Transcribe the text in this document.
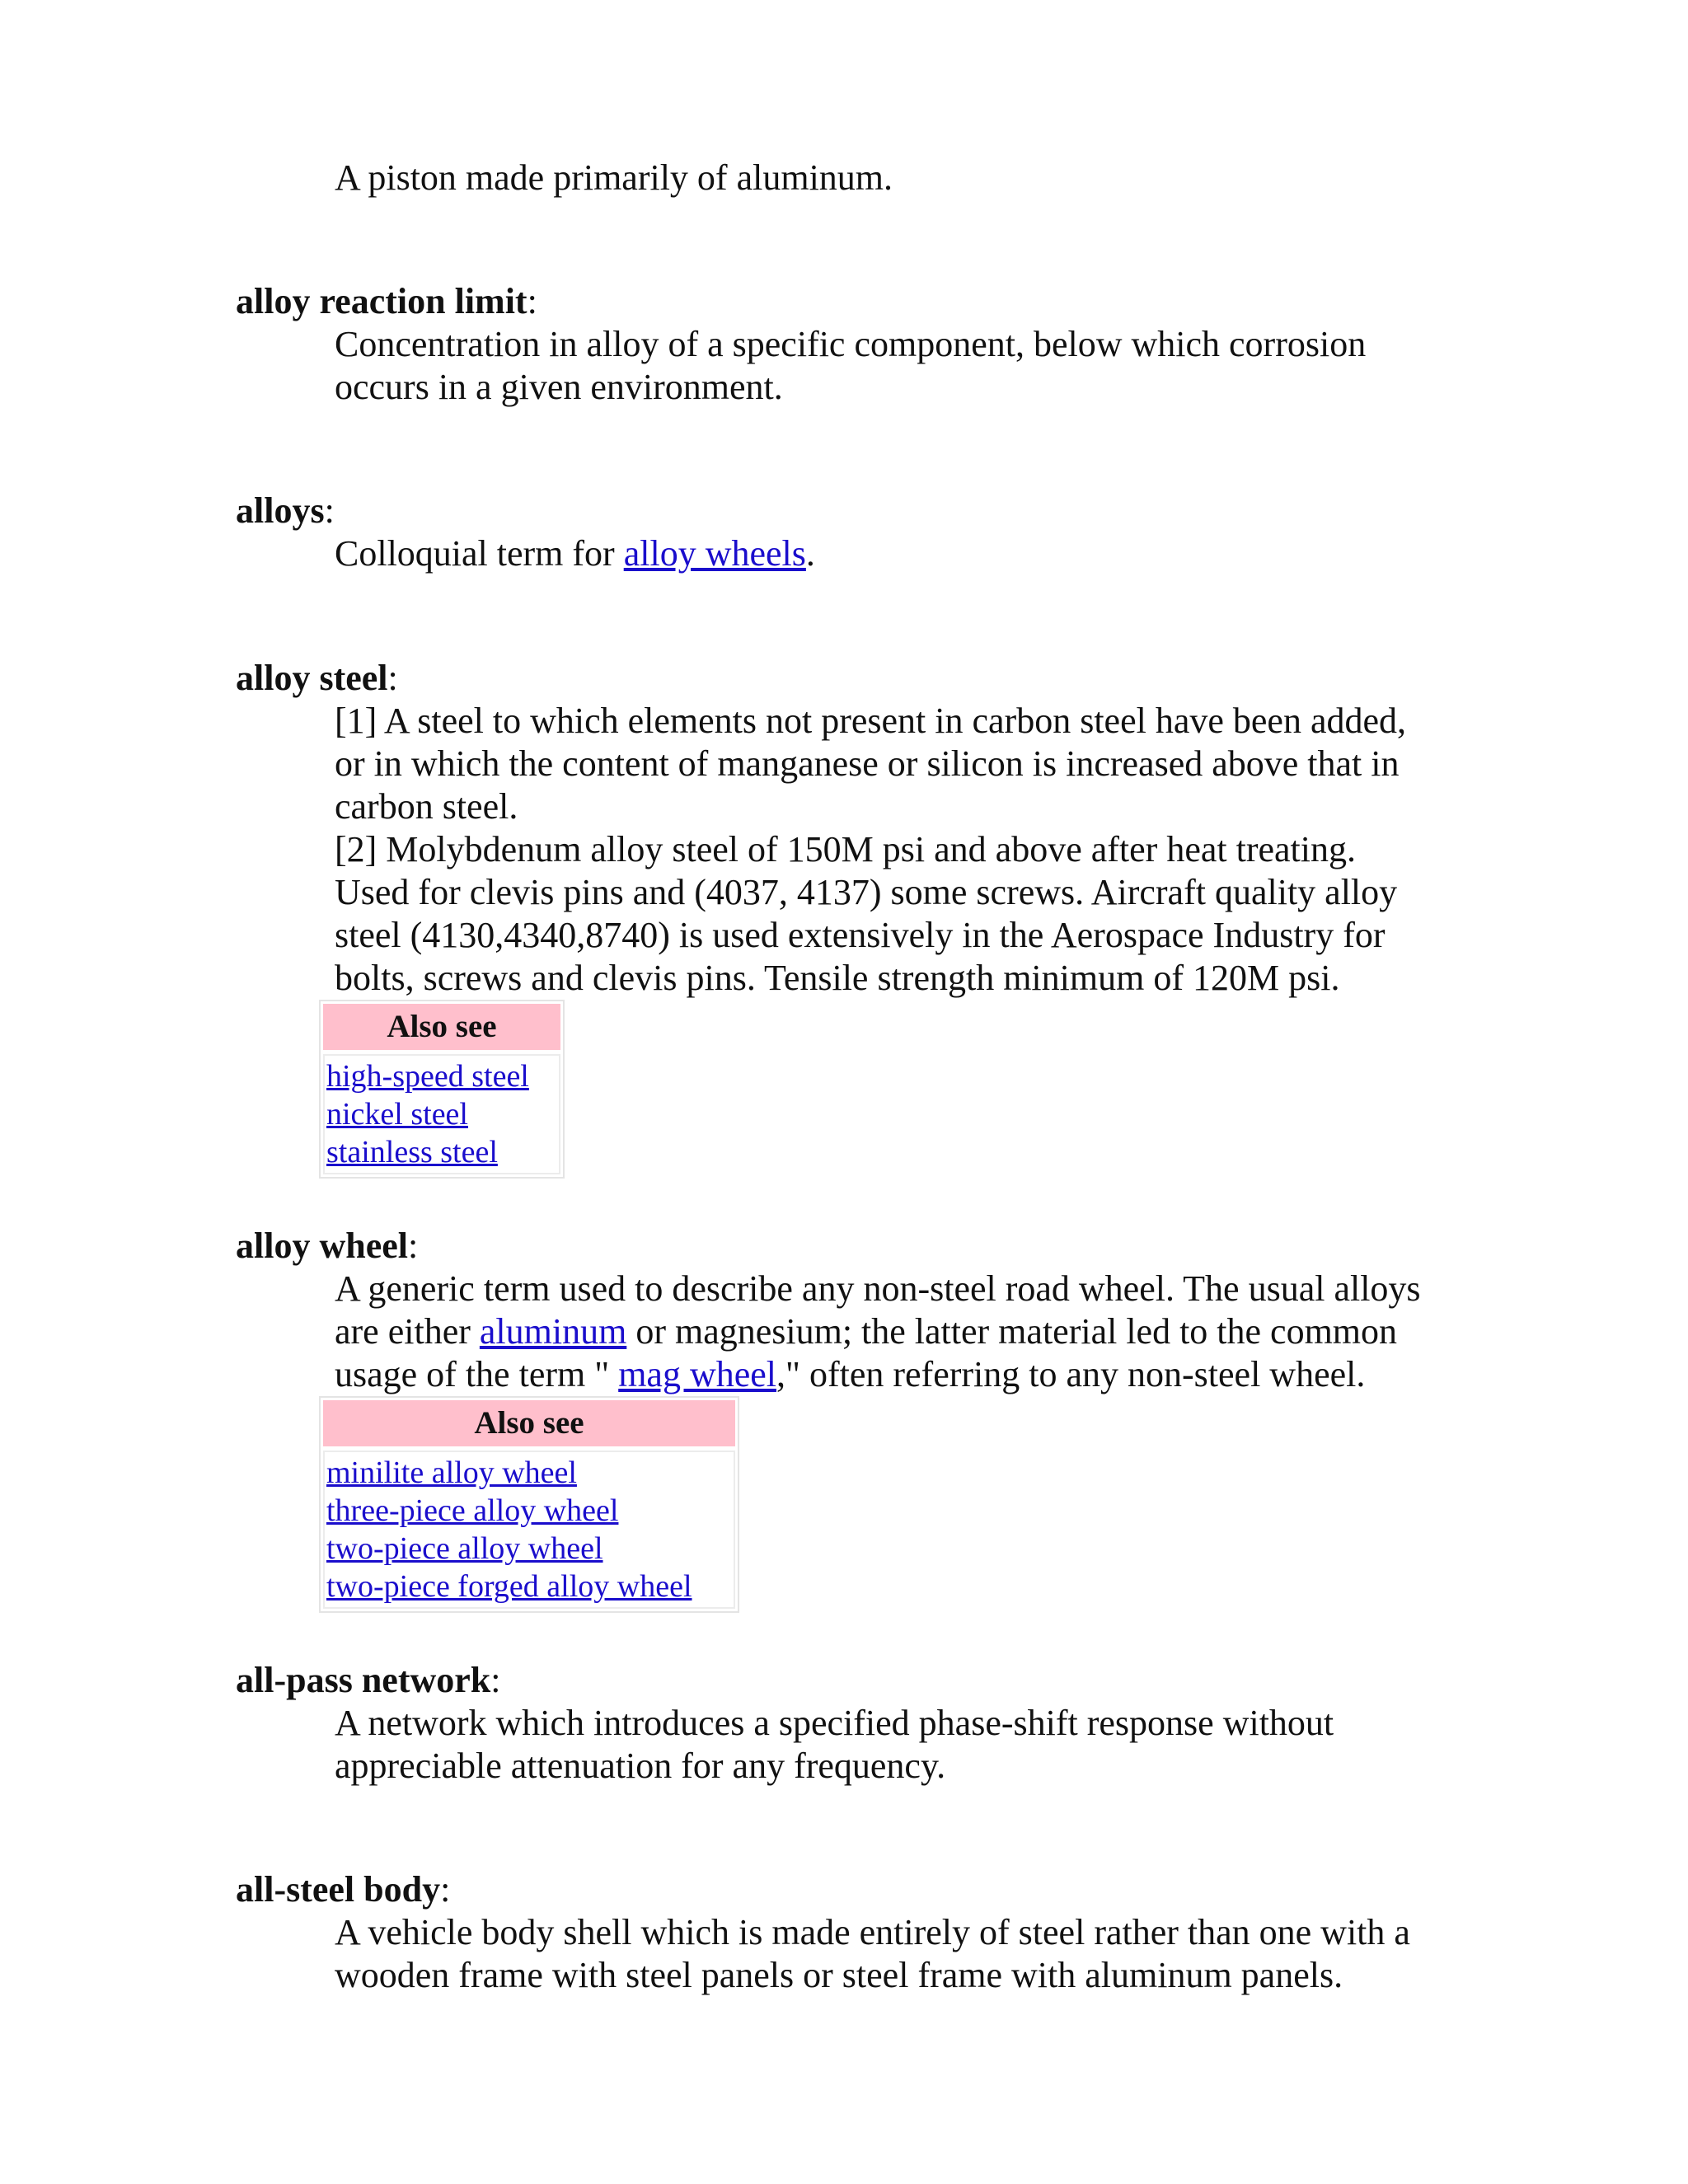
A piston made primarily of aluminum.

alloy reaction limit:

Concentration in alloy of a specific component, below which corrosion occurs in a given environment.

alloys:

Colloquial term for alloy wheels.

alloy steel:

[1] A steel to which elements not present in carbon steel have been added, or in which the content of manganese or silicon is increased above that in carbon steel.

[2] Molybdenum alloy steel of 150M psi and above after heat treating. Used for clevis pins and (4037, 4137) some screws. Aircraft quality alloy steel (4130,4340,8740) is used extensively in the Aerospace Industry for bolts, screws and clevis pins. Tensile strength minimum of 120M psi.

Also see
high-speed steel
nickel steel
stainless steel
alloy wheel:

A generic term used to describe any non-steel road wheel. The usual alloys are either aluminum or magnesium; the latter material led to the common usage of the term " mag wheel," often referring to any non-steel wheel.

Also see
minilite alloy wheel
three-piece alloy wheel
two-piece alloy wheel
two-piece forged alloy wheel
all-pass network:

A network which introduces a specified phase-shift response without appreciable attenuation for any frequency.

all-steel body:

A vehicle body shell which is made entirely of steel rather than one with a wooden frame with steel panels or steel frame with aluminum panels.
